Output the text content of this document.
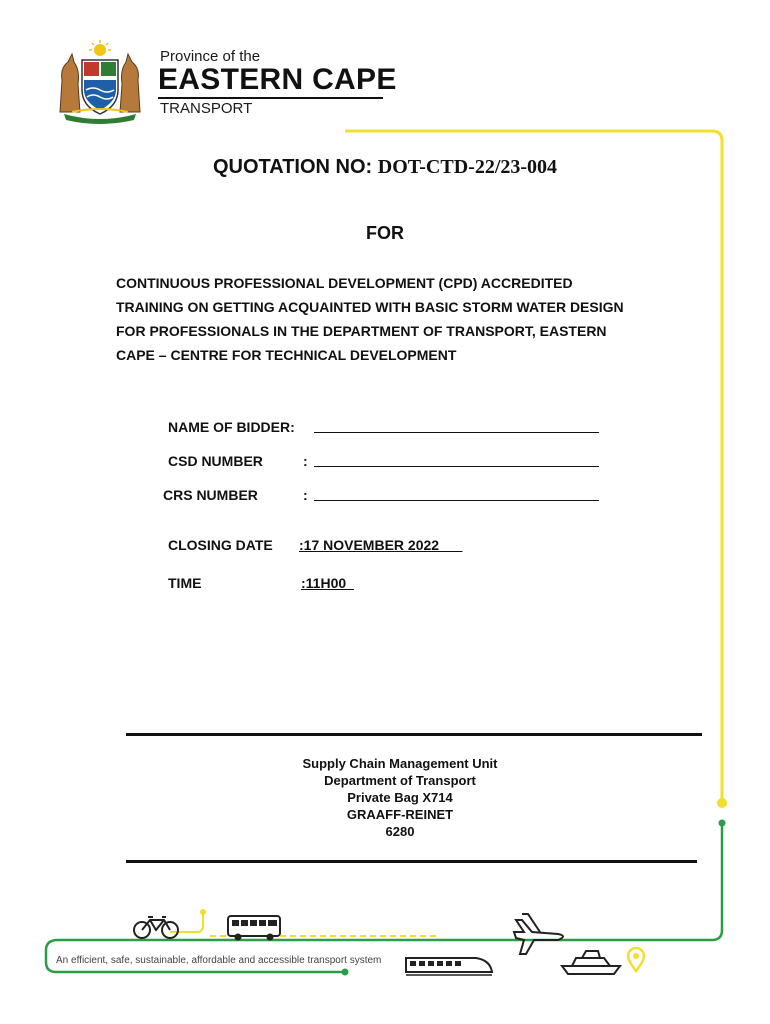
Province of the
EASTERN CAPE
TRANSPORT
QUOTATION NO: DOT-CTD-22/23-004
FOR
CONTINUOUS PROFESSIONAL DEVELOPMENT (CPD) ACCREDITED
TRAINING ON GETTING ACQUAINTED WITH BASIC STORM WATER DESIGN
FOR PROFESSIONALS IN THE DEPARTMENT OF TRANSPORT, EASTERN
CAPE – CENTRE FOR TECHNICAL DEVELOPMENT
NAME OF BIDDER:
CSD NUMBER	:
CRS NUMBER	:
CLOSING DATE :17 NOVEMBER 2022___
TIME	:11H00_
Supply Chain Management Unit
Department of Transport
Private Bag X714
GRAAFF-REINET
6280
An efficient, safe, sustainable, affordable and accessible transport system
